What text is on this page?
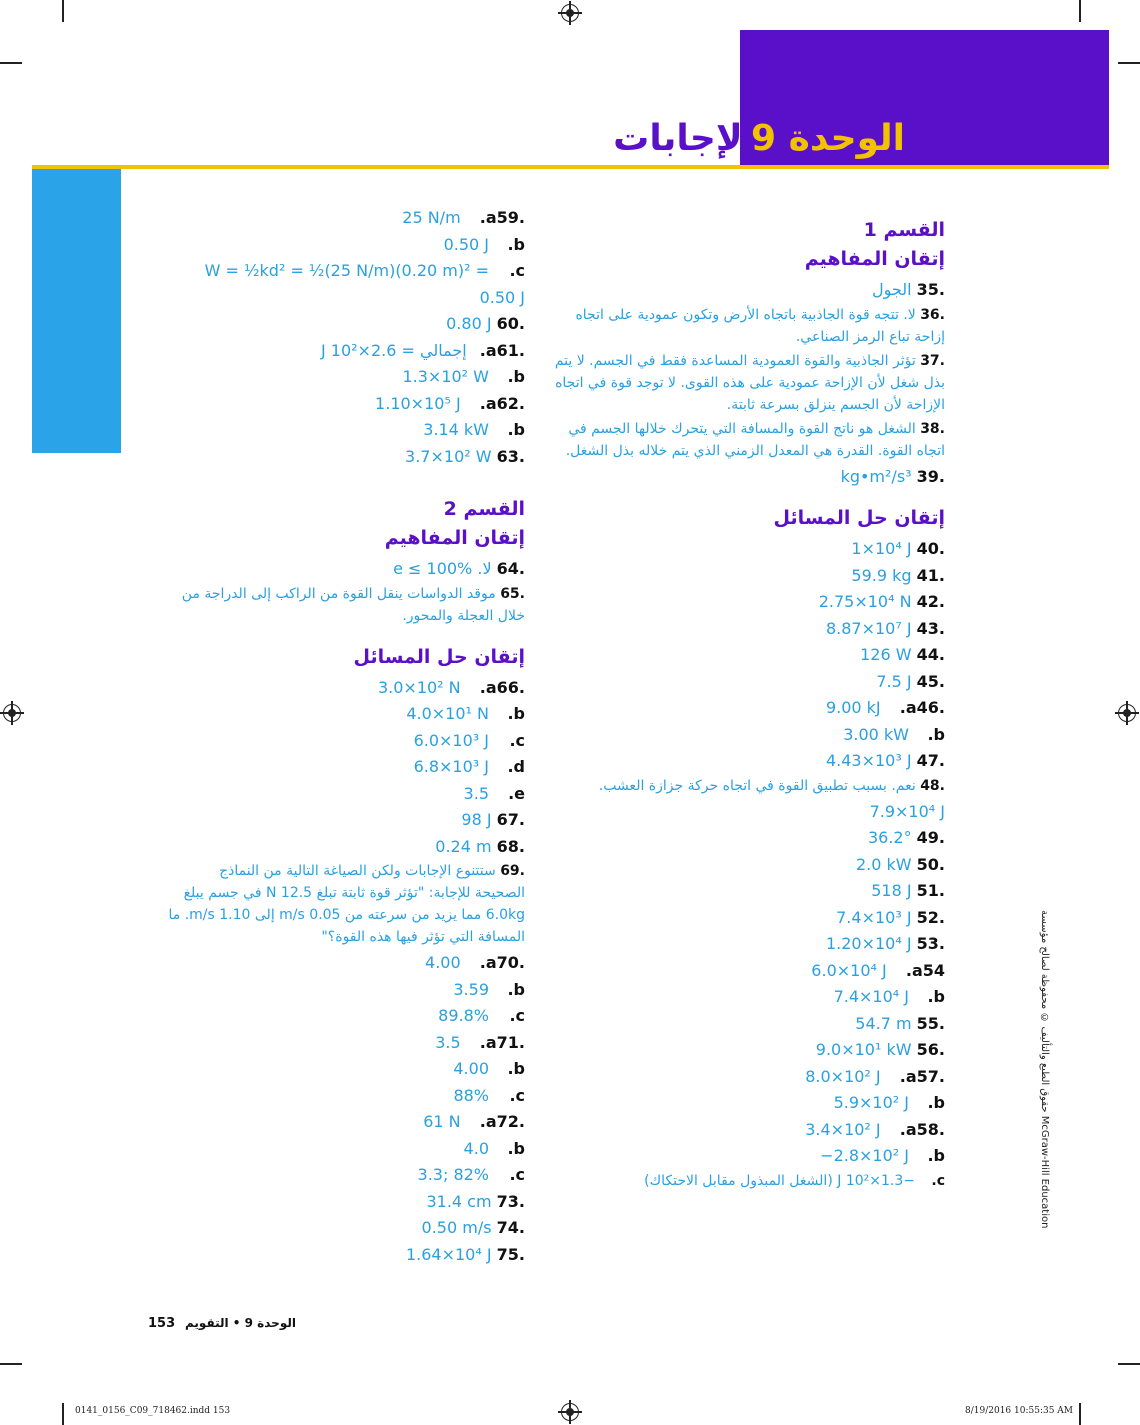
الإجابات
الوحدة 9
الوحدة 9 • الإجابات
حقوق الطبع والتأليف © محفوظة لصالح مؤسسة McGraw-Hill Education
القسم 1
إتقان المفاهيم
.35 الجول
.36 لا. تتجه قوة الجاذبية باتجاه الأرض وتكون عمودية على اتجاه إزاحة تباع الرمز الصناعي.
.37 تؤثر الجاذبية والقوة العمودية المساعدة فقط في الجسم. لا يتم بذل شغل لأن الإزاحة عمودية على هذه القوى. لا توجد قوة في اتجاه الإزاحة لأن الجسم ينزلق بسرعة ثابتة.
.38 الشغل هو ناتج القوة والمسافة التي يتحرك خلالها الجسم في اتجاه القوة. القدرة هي المعدل الزمني الذي يتم خلاله بذل الشغل.
.39 kg•m²/s³
إتقان حل المسائل
.40 1×10⁴ J
.41 59.9 kg
.42 2.75×10⁴ N
.43 8.87×10⁷ J
.44 126 W
.45 7.5 J
.46a.9.00 kJ
b.3.00 kW
.47 4.43×10³ J
.48 نعم. بسبب تطبيق القوة في اتجاه حركة جزازة العشب.
7.9×10⁴ J
.49 36.2°
.50 2.0 kW
.51 518 J
.52 7.4×10³ J
.53 1.20×10⁴ J
54a.6.0×10⁴ J
b.7.4×10⁴ J
.55 54.7 m
.56 9.0×10¹ kW
.57a.8.0×10² J
b.5.9×10² J
.58a.3.4×10² J
b.−2.8×10² J
c.−1.3×10² J (الشغل المبذول مقابل الاحتكاك)
.59a.25 N/m
b.0.50 J
c.W = ½kd² = ½(25 N/m)(0.20 m)² =
0.50 J
.60 0.80 J
.61a.إجمالي = 2.6×10² J
b.1.3×10² W
.62a.1.10×10⁵ J
b.3.14 kW
.63 3.7×10² W
القسم 2
إتقان المفاهيم
.64 لا. e ≤ 100%
.65 موقد الدواسات ينقل القوة من الراكب إلى الدراجة من خلال العجلة والمحور.
إتقان حل المسائل
.66a.3.0×10² N
b.4.0×10¹ N
c.6.0×10³ J
d.6.8×10³ J
e.3.5
.67 98 J
.68 0.24 m
.69 ستتنوع الإجابات ولكن الصياغة التالية من النماذج الصحيحة للإجابة: "تؤثر قوة ثابتة تبلغ 12.5 N في جسم يبلغ 6.0kg مما يزيد من سرعته من 0.05 m/s إلى 1.10 m/s. ما المسافة التي تؤثر فيها هذه القوة؟"
.70a.4.00
b.3.59
c.89.8%
.71a.3.5
b.4.00
c.88%
.72a.61 N
b.4.0
c.3.3; 82%
.73 31.4 cm
.74 0.50 m/s
.75 1.64×10⁴ J
153 الوحدة 9 • التقويم
0141_0156_C09_718462.indd 153	8/19/2016 10:55:35 AM
